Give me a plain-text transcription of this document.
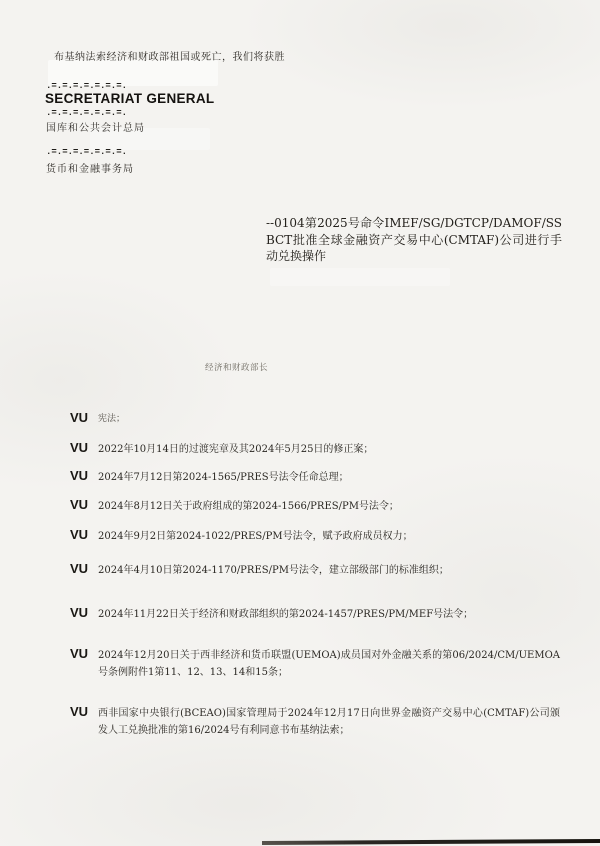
布基纳法索经济和财政部祖国或死亡，我们将获胜
.=.=.=.=.=.=.=.
SECRETARIAT GENERAL
.=.=.=.=.=.=.=.
国库和公共会计总局
.=.=.=.=.=.=.=.
货币和金融事务局
--0104第2025号命令IMEF/SG/DGTCP/DAMOF/SSBCT批准全球金融资产交易中心(CMTAF)公司进行手动兑换操作
经济和财政部长
VU 宪法；
VU 2022年10月14日的过渡宪章及其2024年5月25日的修正案；
VU 2024年7月12日第2024-1565/PRES号法令任命总理；
VU 2024年8月12日关于政府组成的第2024-1566/PRES/PM号法令；
VU 2024年9月2日第2024-1022/PRES/PM号法令，赋予政府成员权力；
VU 2024年4月10日第2024-1170/PRES/PM号法令，建立部级部门的标准组织；
VU 2024年11月22日关于经济和财政部组织的第2024-1457/PRES/PM/MEF号法令；
VU 2024年12月20日关于西非经济和货币联盟(UEMOA)成员国对外金融关系的第06/2024/CM/UEMOA号条例附件1第11、12、13、14和15条；
VU 西非国家中央银行(BCEAO)国家管理局于2024年12月17日向世界金融资产交易中心(CMTAF)公司颁发人工兑换批准的第16/2024号有利同意书布基纳法索；
